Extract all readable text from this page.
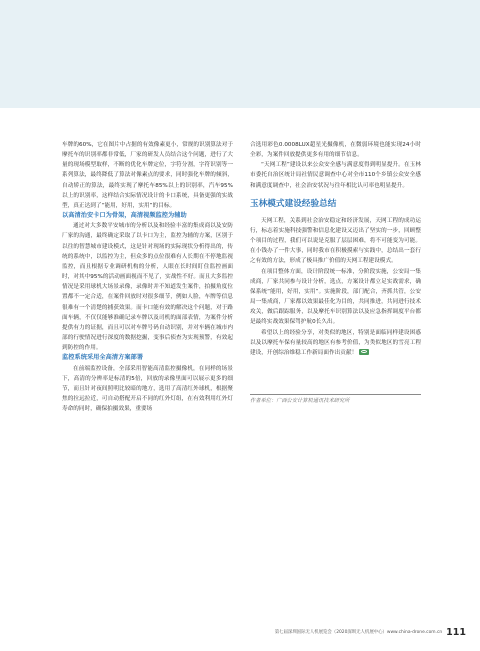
车牌的60%，它在图片中占据的有效像素更小，常规的识别算法对于摩托车的识别率都非常低，厂家的研发人员结合这个问题，进行了大量的现场模型取样，不断的优化车牌定位，字符分割，字符识别等一系列算法，最终降低了算法对像素点的要求，同时强化车牌的倾斜，自动矫正的算法，最终实现了摩托车85%以上的识别率，汽车95%以上的识别率，这样结合实际情况设计的卡口系统，具备更强的实战型，真正达到了“能用，好用，实用”的目标。

以高清治安卡口为骨架，高清视频监控为辅助

通过对大多数平安城市的分析以及和经验丰富的集成商以及安防厂家的沟通，最终确定采取了以卡口为主，监控为辅的方案，区别于以往的智慧城市建设模式，这是针对现场的实际现状分析得出的，传统的系统中，以监控为主，但众多的点位很难有人长期在不停地监视监控，而且根据专业调研机构的分析，人眼在长时间盯住监控画面时，对其中95%的活动画面视而不见了，实战性不好。而且大多监控情况是采用球机大场景录像，录像时并不知道发生案件，拍摄角度位置都不一定合适，在案件回放时对很多细节，例如人脸，车牌等信息很难有一个清楚的捕获效果。而卡口能有效的解决这个问题，对于路面车辆，不仅仅能够准确记录车牌以及司机的面部表情，为案件分析提供有力的证据，而且可以对车牌号码自动识别，并对车辆在城市内部的行驶情况进行深度的数据挖掘，变事后侦查为实现预警，有效起到防控的作用。

监控系统采用全高清方案部署

在前端监控设备，全部采用智能高清监控摄像机，在同样的场景下，高清的分辨率是标清的5倍，回放的录像里面可以展示更多的细节，而且针对夜间照明比较暗的地方，选用了高清红外球机，根据聚焦的拉远拉近，可自动搭配开启不同的红外灯组，在有效利用红外灯寿命的同时，确保拍摄效果，重要场

合选用彩色0.0008LUX超星光摄像机，在微弱环境也能实现24小时全彩，为案件回放提供更多有用的细节信息。

“天网工程”建设以来公众安全感与满意度得到明显提升。在玉林市委托自治区统计局社情民意调查中心对全市110个乡镇公众安全感和满意度调查中，社会治安状况与往年相比认可率也明显提升。

玉林模式建设经验总结

天网工程，关系到社会治安稳定和经济发展，天网工程的成功运行，标志着实施科技强警和信息化建设又迈出了坚实的一步，回顾整个项目的过程，我们可以说是克服了层层困难，将不可能变为可能。在小钱办了一件大事，同时我市在积极摸索与实践中，总结出一套行之有效的方法，形成了极具推广价值的天网工程建设模式。

在项目整体方面，设计阶段统一标准，分阶段实施，公安局一集成商，厂家共同参与设计分析，选点，方案设计都立足实战需求，确保系统“能用，好用，实用”。实施阶段，部门配合，齐抓共管，公安局一集成商，厂家都以效果最佳化为目的，共同推进，共同进行技术攻关，做后跟踪服务，以及摩托车识别算法以及应急指挥调度平台都是最终实战效果保驾护航0长久出。

希望以上的经验分享，对类似的地区，特别是面临同样建设困惑以及以摩托车保有量较高的地区有参考价值，为类似地区的雪亮工程建设，开创综治维稳工作新局面作出贡献！

作者单位：广西公安计算机通讯技术研究所
第七届深圳国际无人机展览会（2020深圳无人机展中心）www.china-drone.com.cn 111
